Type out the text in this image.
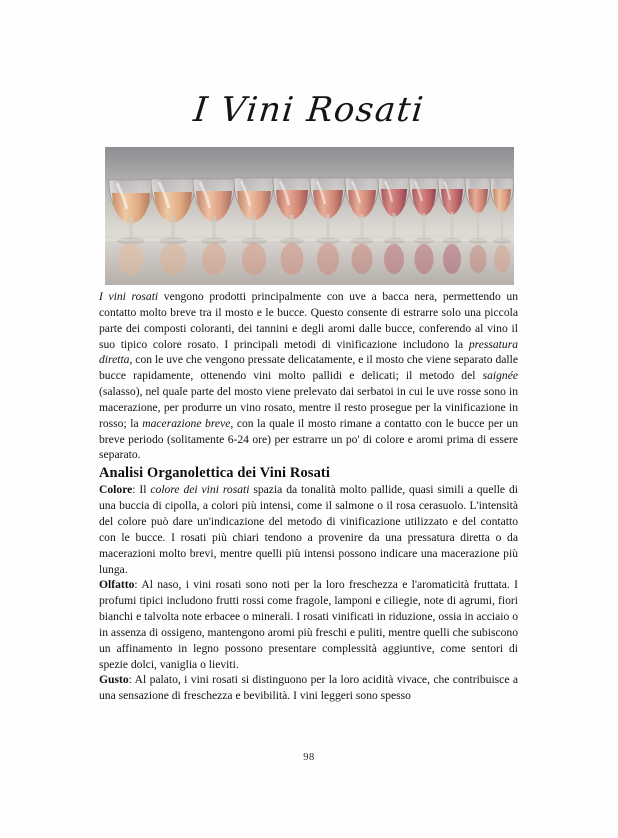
I Vini Rosati

I vini rosati vengono prodotti principalmente con uve a bacca nera, permettendo un contatto molto breve tra il mosto e le bucce. Questo consente di estrarre solo una piccola parte dei composti coloranti, dei tannini e degli aromi dalle bucce, conferendo al vino il suo tipico colore rosato. I principali metodi di vinificazione includono la pressatura diretta, con le uve che vengono pressate delicatamente, e il mosto che viene separato dalle bucce rapidamente, ottenendo vini molto pallidi e delicati; il metodo del saignée (salasso), nel quale parte del mosto viene prelevato dai serbatoi in cui le uve rosse sono in macerazione, per produrre un vino rosato, mentre il resto prosegue per la vinificazione in rosso; la macerazione breve, con la quale il mosto rimane a contatto con le bucce per un breve periodo (solitamente 6-24 ore) per estrarre un po' di colore e aromi prima di essere separato.

Analisi Organolettica dei Vini Rosati

Colore: Il colore dei vini rosati spazia da tonalità molto pallide, quasi simili a quelle di una buccia di cipolla, a colori più intensi, come il salmone o il rosa cerasuolo. L'intensità del colore può dare un'indicazione del metodo di vinificazione utilizzato e del contatto con le bucce. I rosati più chiari tendono a provenire da una pressatura diretta o da macerazioni molto brevi, mentre quelli più intensi possono indicare una macerazione più lunga.

Olfatto: Al naso, i vini rosati sono noti per la loro freschezza e l'aromaticità fruttata. I profumi tipici includono frutti rossi come fragole, lamponi e ciliegie, note di agrumi, fiori bianchi e talvolta note erbacee o minerali. I rosati vinificati in riduzione, ossia in acciaio o in assenza di ossigeno, mantengono aromi più freschi e puliti, mentre quelli che subiscono un affinamento in legno possono presentare complessità aggiuntive, come sentori di spezie dolci, vaniglia o lieviti.

Gusto: Al palato, i vini rosati si distinguono per la loro acidità vivace, che contribuisce a una sensazione di freschezza e bevibilità. I vini leggeri sono spesso

98
